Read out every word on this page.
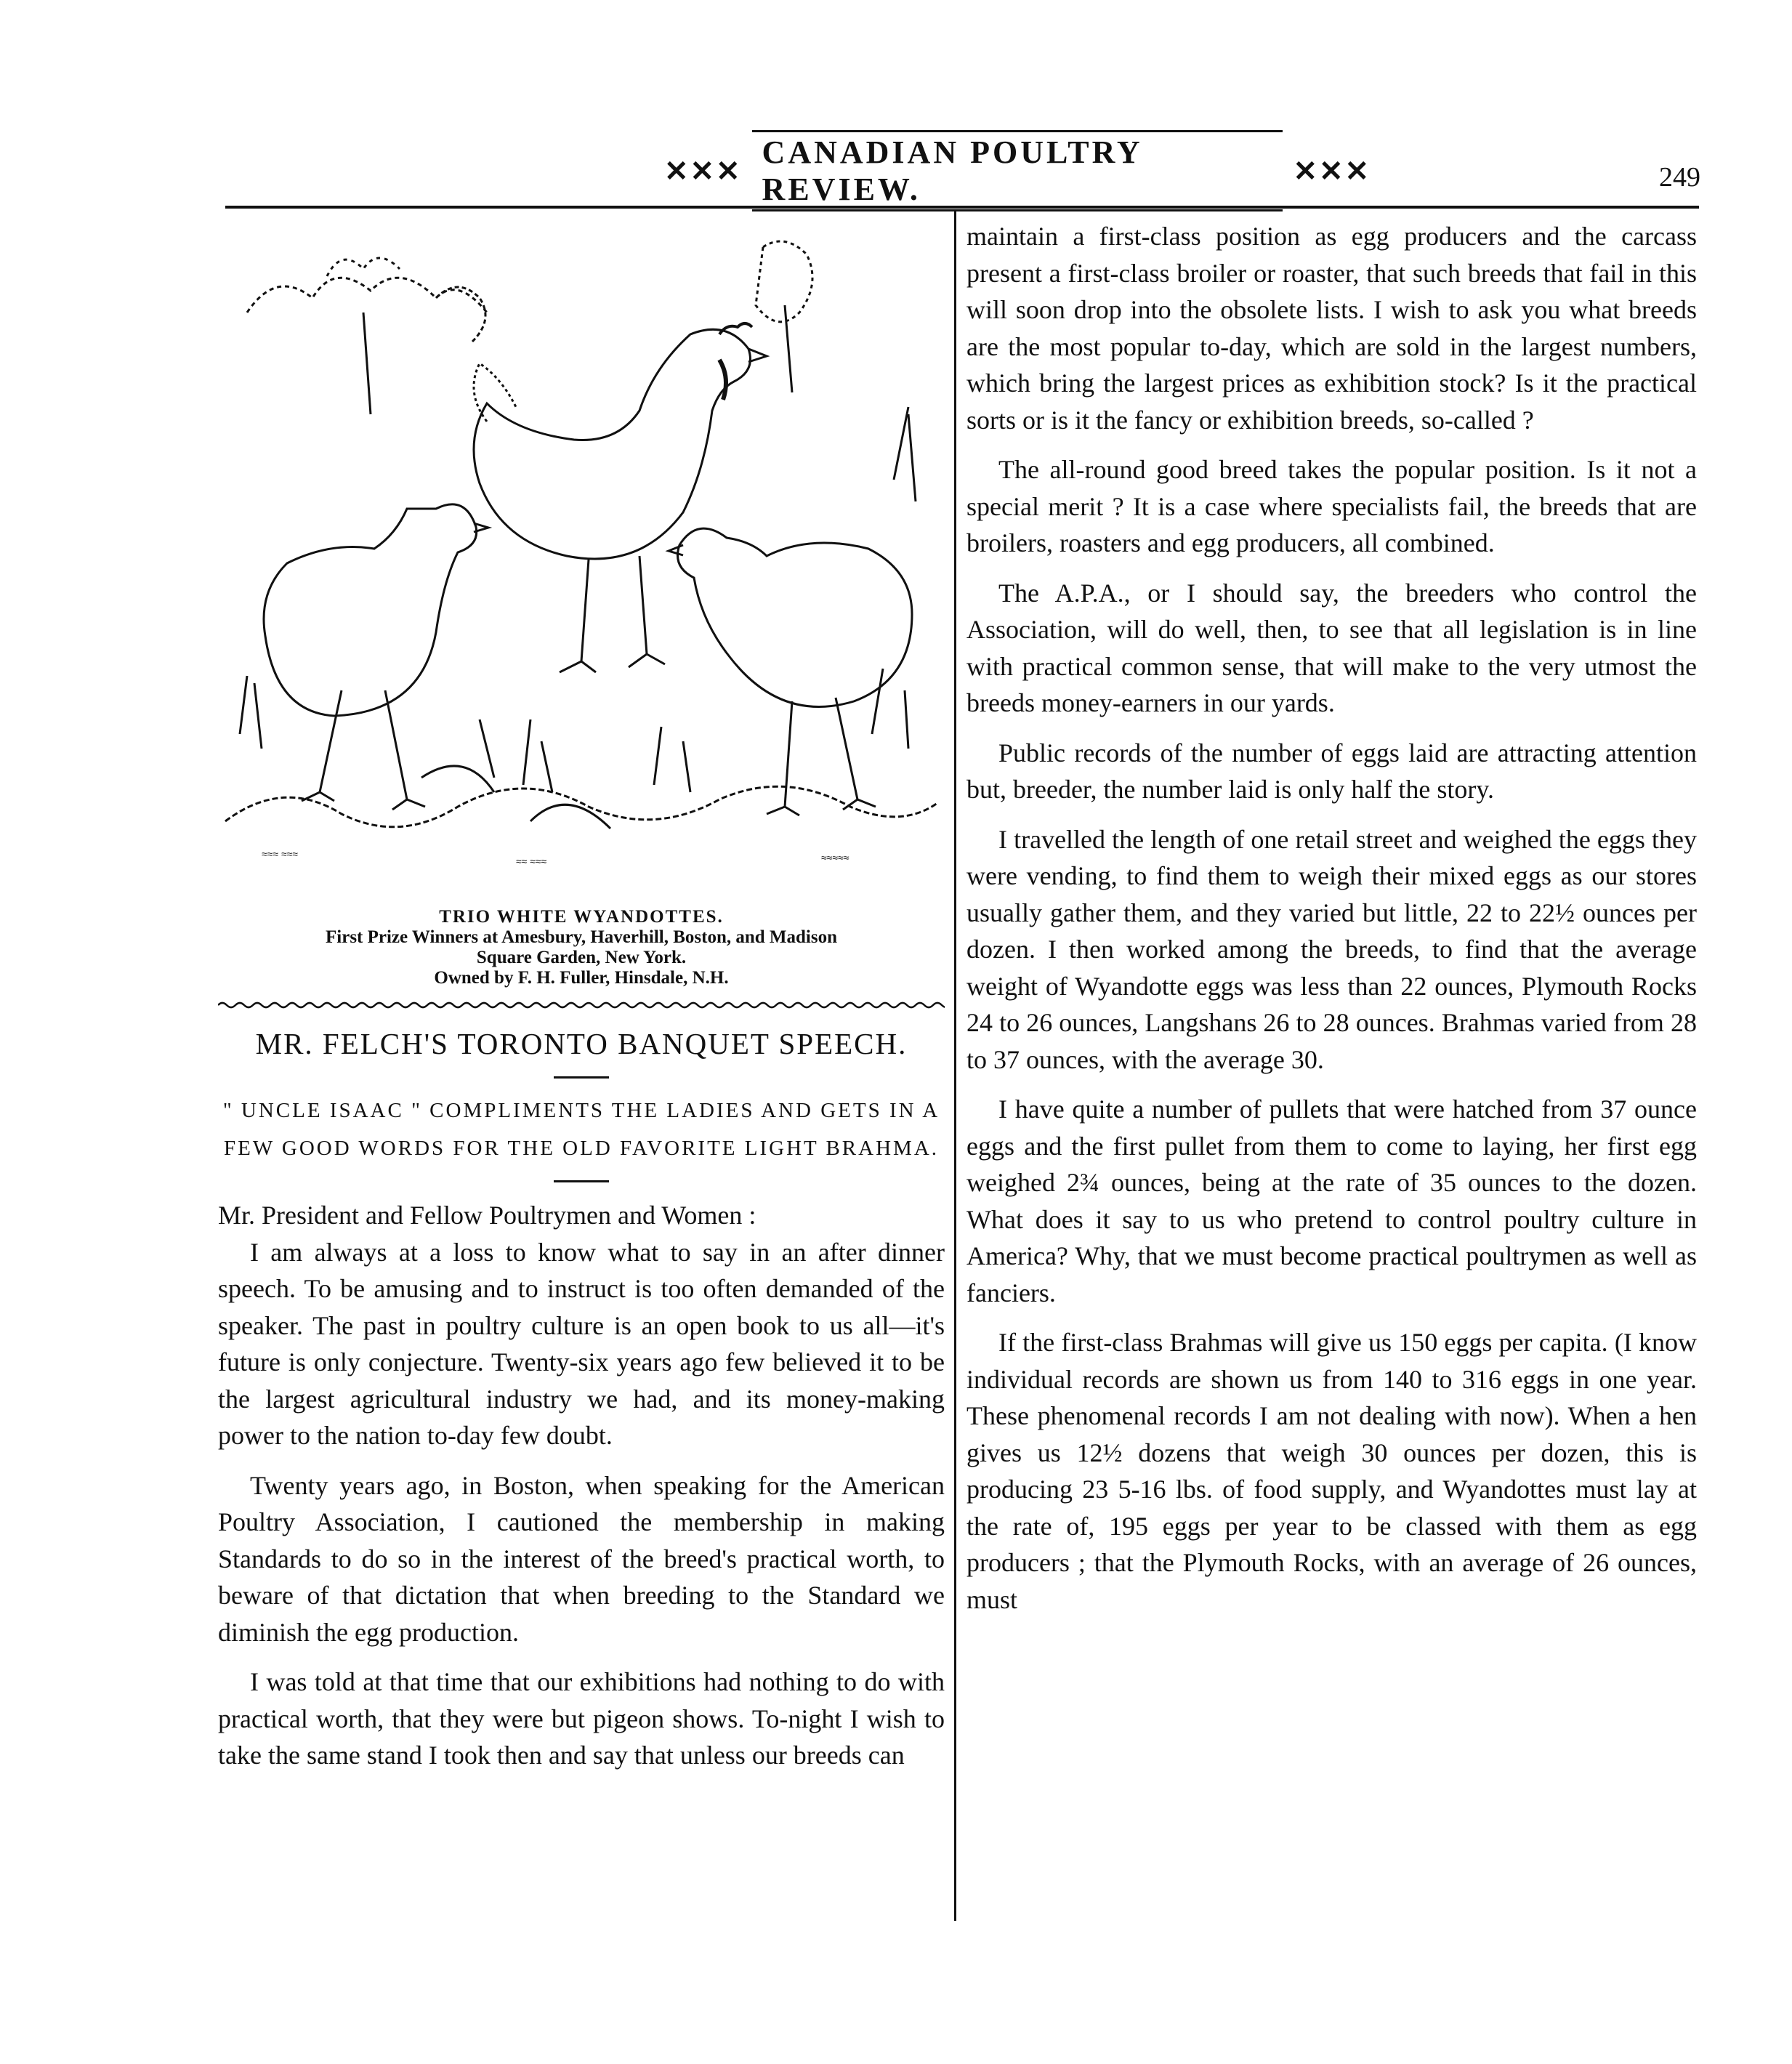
✕✕✕
CANADIAN POULTRY REVIEW.
✕✕✕	249
≈≈≈ ≈≈≈
≈≈ ≈≈≈	≈≈≈≈≈
TRIO WHITE WYANDOTTES.
First Prize Winners at Amesbury, Haverhill, Boston, and Madison
Square Garden, New York.
Owned by F. H. Fuller, Hinsdale, N.H.
MR. FELCH'S TORONTO BANQUET SPEECH.
" UNCLE ISAAC " COMPLIMENTS THE LADIES AND GETS IN A FEW GOOD WORDS FOR THE OLD FAVORITE LIGHT BRAHMA.

Mr. President and Fellow Poultrymen and Women :

I am always at a loss to know what to say in an after dinner speech. To be amusing and to instruct is too often demanded of the speaker. The past in poultry culture is an open book to us all—it's future is only conjecture. Twenty-six years ago few believed it to be the largest agricultural industry we had, and its money-making power to the nation to-day few doubt.

Twenty years ago, in Boston, when speaking for the American Poultry Association, I cautioned the membership in making Standards to do so in the interest of the breed's practical worth, to beware of that dictation that when breeding to the Standard we diminish the egg production.

I was told at that time that our exhibitions had nothing to do with practical worth, that they were but pigeon shows. To-night I wish to take the same stand I took then and say that unless our breeds can

maintain a first-class position as egg producers and the carcass present a first-class broiler or roaster, that such breeds that fail in this will soon drop into the obsolete lists. I wish to ask you what breeds are the most popular to-day, which are sold in the largest numbers, which bring the largest prices as exhibition stock? Is it the practical sorts or is it the fancy or exhibition breeds, so-called ?

The all-round good breed takes the popular position. Is it not a special merit ? It is a case where specialists fail, the breeds that are broilers, roasters and egg producers, all combined.

The A.P.A., or I should say, the breeders who control the Association, will do well, then, to see that all legislation is in line with practical common sense, that will make to the very utmost the breeds money-earners in our yards.

Public records of the number of eggs laid are attracting attention but, breeder, the number laid is only half the story.

I travelled the length of one retail street and weighed the eggs they were vending, to find them to weigh their mixed eggs as our stores usually gather them, and they varied but little, 22 to 22½ ounces per dozen. I then worked among the breeds, to find that the average weight of Wyandotte eggs was less than 22 ounces, Plymouth Rocks 24 to 26 ounces, Langshans 26 to 28 ounces. Brahmas varied from 28 to 37 ounces, with the average 30.

I have quite a number of pullets that were hatched from 37 ounce eggs and the first pullet from them to come to laying, her first egg weighed 2¾ ounces, being at the rate of 35 ounces to the dozen. What does it say to us who pretend to control poultry culture in America? Why, that we must become practical poultrymen as well as fanciers.

If the first-class Brahmas will give us 150 eggs per capita. (I know individual records are shown us from 140 to 316 eggs in one year. These phenomenal records I am not dealing with now). When a hen gives us 12½ dozens that weigh 30 ounces per dozen, this is producing 23 5-16 lbs. of food supply, and Wyandottes must lay at the rate of, 195 eggs per year to be classed with them as egg producers ; that the Plymouth Rocks, with an average of 26 ounces, must
